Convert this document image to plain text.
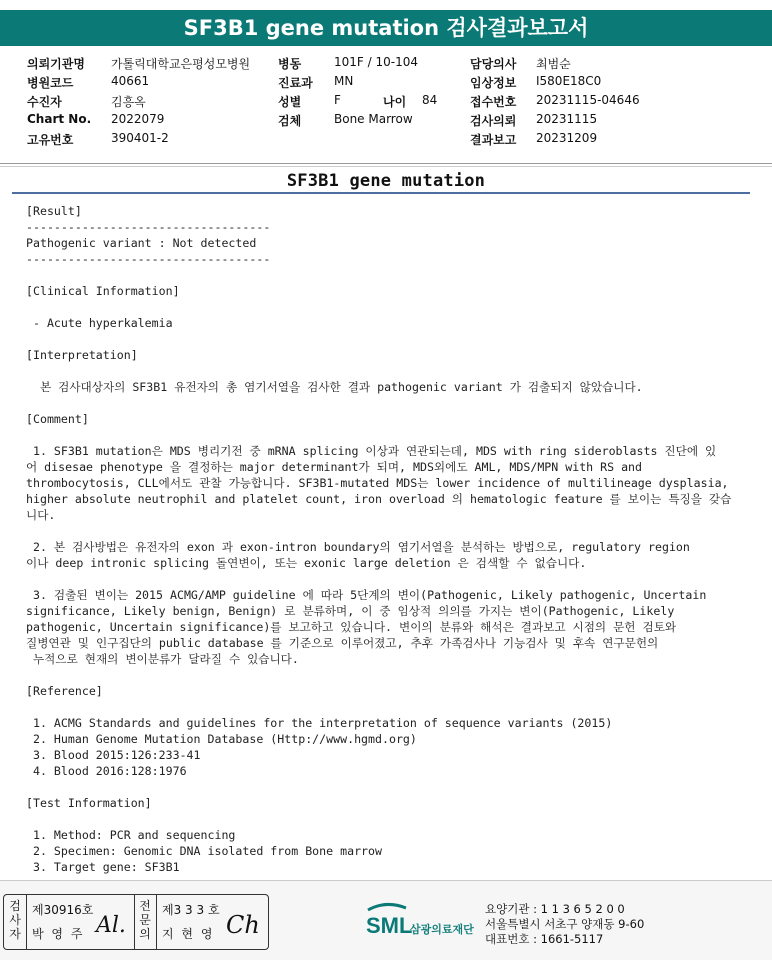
SF3B1 gene mutation 검사결과보고서
의뢰기관명 가톨릭대학교은평성모병원 병동	101F / 10-104	담당의사 최범순
병원코드	40661	진료과 MN	임상정보 I580E18C0
수진자	김흥옥	성별	F	나이 84	접수번호 20231115-04646
Chart No. 2022079	검체	Bone Marrow	검사의뢰 20231115
고유번호	390401-2	결과보고 20231209
SF3B1 gene mutation
[Result]
-----------------------------------
Pathogenic variant : Not detected
-----------------------------------
[Clinical Information]
- Acute hyperkalemia
[Interpretation]
본 검사대상자의 SF3B1 유전자의 총 염기서열을 검사한 결과 pathogenic variant 가 검출되지 않았습니다.
[Comment]
1. SF3B1 mutation은 MDS 병리기전 중 mRNA splicing 이상과 연관되는데, MDS with ring sideroblasts 진단에 있
어 disesae phenotype 을 결정하는 major determinant가 되며, MDS외에도 AML, MDS/MPN with RS and
thrombocytosis, CLL에서도 관찰 가능합니다. SF3B1-mutated MDS는 lower incidence of multilineage dysplasia,
higher absolute neutrophil and platelet count, iron overload 의 hematologic feature 를 보이는 특징을 갖습
니다.
2. 본 검사방법은 유전자의 exon 과 exon-intron boundary의 염기서열을 분석하는 방법으로, regulatory region
이나 deep intronic splicing 돌연변이, 또는 exonic large deletion 은 검색할 수 없습니다.
3. 검출된 변이는 2015 ACMG/AMP guideline 에 따라 5단계의 변이(Pathogenic, Likely pathogenic, Uncertain
significance, Likely benign, Benign) 로 분류하며, 이 중 임상적 의의를 가지는 변이(Pathogenic, Likely
pathogenic, Uncertain significance)를 보고하고 있습니다. 변이의 분류와 해석은 결과보고 시점의 문헌 검토와
질병연관 및 인구집단의 public database 를 기준으로 이루어졌고, 추후 가족검사나 기능검사 및 후속 연구문헌의
누적으로 현재의 변이분류가 달라질 수 있습니다.
[Reference]
1. ACMG Standards and guidelines for the interpretation of sequence variants (2015)
2. Human Genome Mutation Database (Http://www.hgmd.org)
3. Blood 2015:126:233-41
4. Blood 2016:128:1976
[Test Information]
1. Method: PCR and sequencing
2. Specimen: Genomic DNA isolated from Bone marrow
3. Target gene: SF3B1
검사자
제30916호
박 영 주 Al.
전문의
제3 3 3 호
지 현 영 Ch	SML
삼광의료재단
요양기관 : 1 1 3 6 5 2 0 0
서울특별시 서초구 양재동 9-60
대표번호 : 1661-5117
